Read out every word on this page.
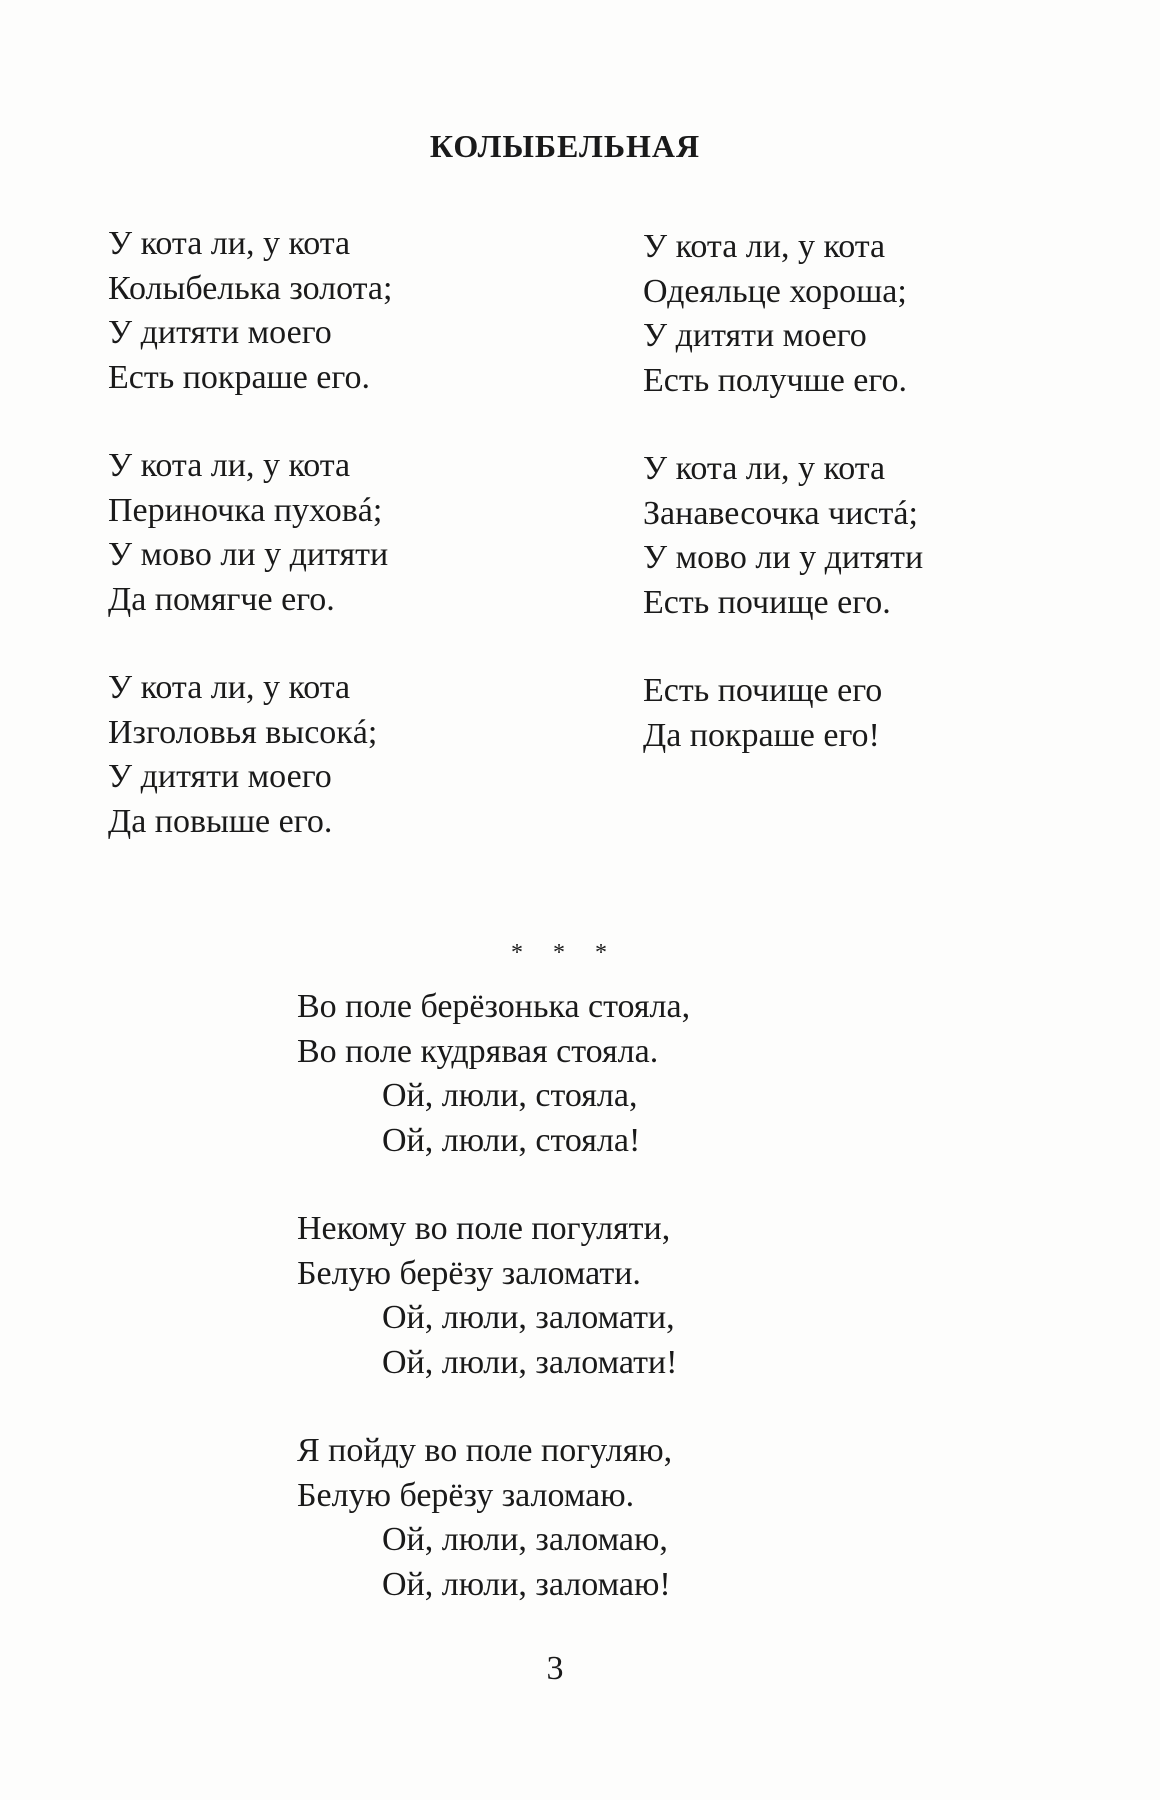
КОЛЫБЕЛЬНАЯ
У кота ли, у кота
Колыбелька золота;
У дитяти моего
Есть покраше его.
У кота ли, у кота
Периночка пуховá;
У мово ли у дитяти
Да помягче его.
У кота ли, у кота
Изголовья высокá;
У дитяти моего
Да повыше его.
У кота ли, у кота
Одеяльце хороша;
У дитяти моего
Есть получше его.
У кота ли, у кота
Занавесочка чистá;
У мово ли у дитяти
Есть почище его.
Есть почище его
Да покраше его!
* * *
Во поле берёзонька стояла,
Во поле кудрявая стояла.
Ой, люли, стояла,
Ой, люли, стояла!
Некому во поле погуляти,
Белую берёзу заломати.
Ой, люли, заломати,
Ой, люли, заломати!
Я пойду во поле погуляю,
Белую берёзу заломаю.
Ой, люли, заломаю,
Ой, люли, заломаю!
3
